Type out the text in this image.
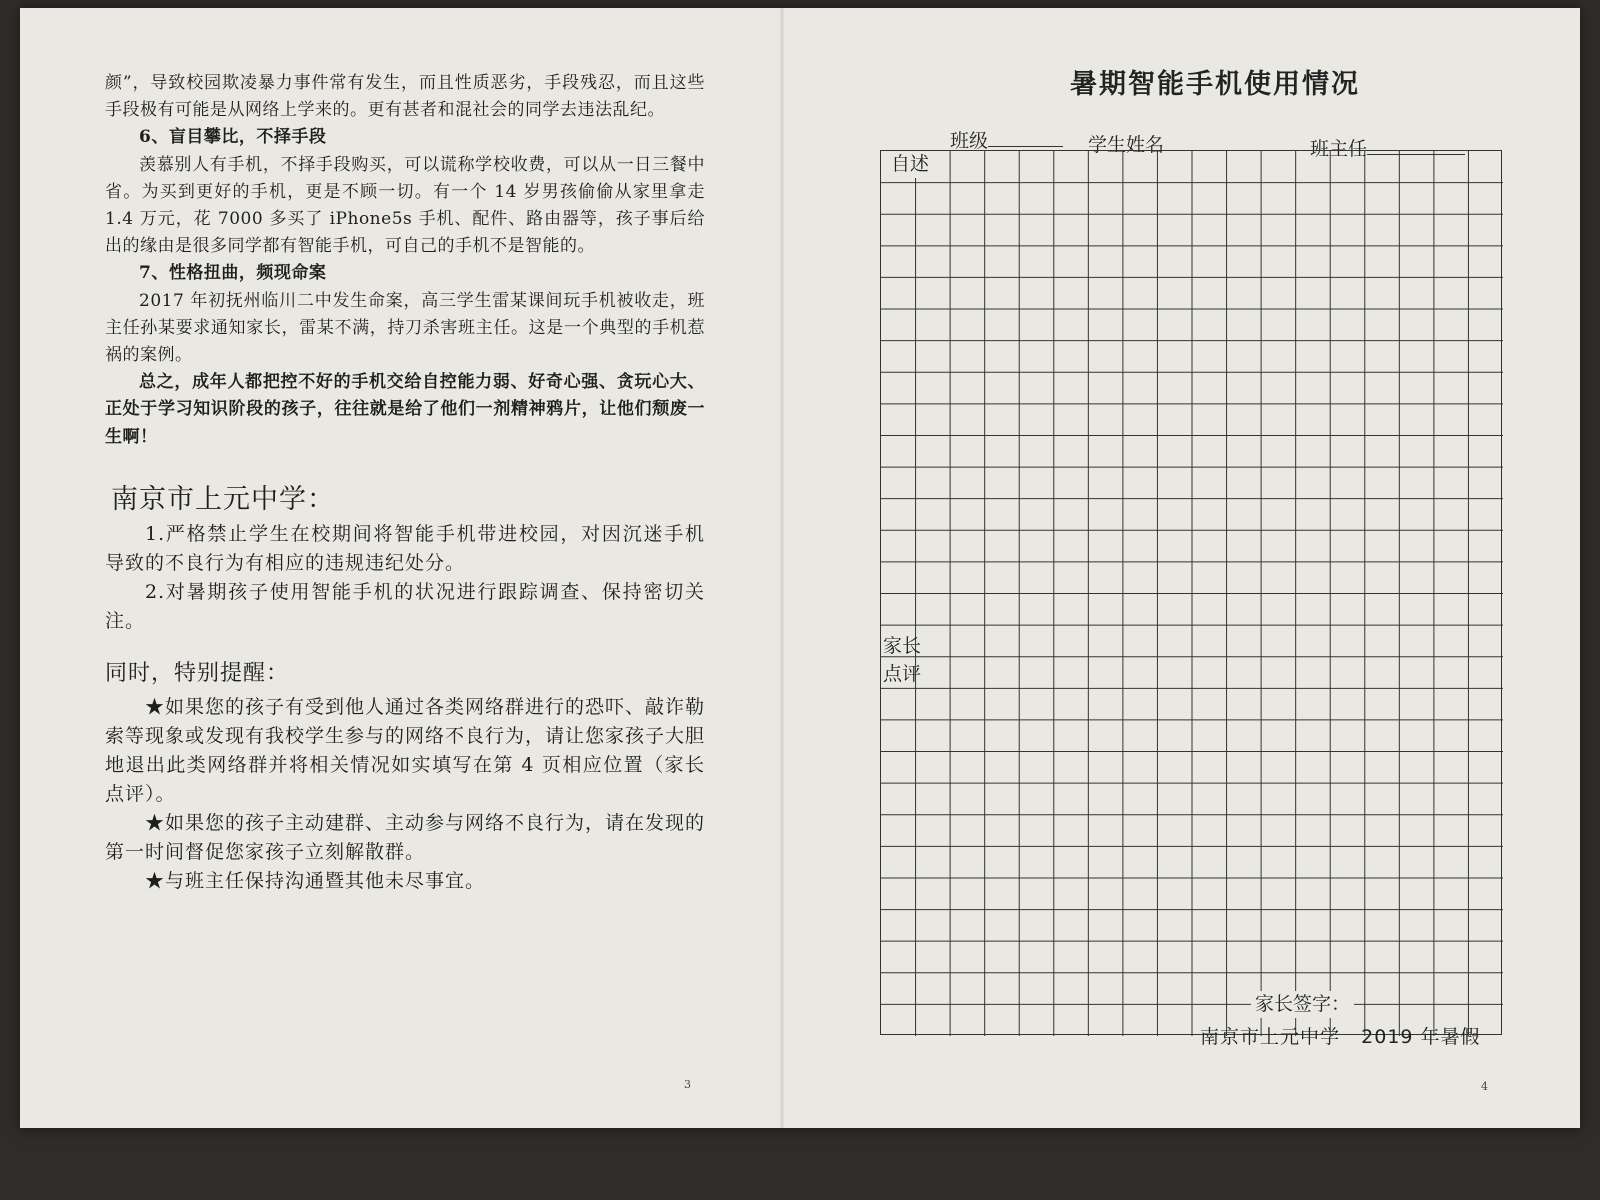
颜”，导致校园欺凌暴力事件常有发生，而且性质恶劣，手段残忍，而且这些手段极有可能是从网络上学来的。更有甚者和混社会的同学去违法乱纪。

6、盲目攀比，不择手段

羡慕别人有手机，不择手段购买，可以谎称学校收费，可以从一日三餐中省。为买到更好的手机，更是不顾一切。有一个 14 岁男孩偷偷从家里拿走 1.4 万元，花 7000 多买了 iPhone5s 手机、配件、路由器等，孩子事后给出的缘由是很多同学都有智能手机，可自己的手机不是智能的。

7、性格扭曲，频现命案

2017 年初抚州临川二中发生命案，高三学生雷某课间玩手机被收走，班主任孙某要求通知家长，雷某不满，持刀杀害班主任。这是一个典型的手机惹祸的案例。

总之，成年人都把控不好的手机交给自控能力弱、好奇心强、贪玩心大、正处于学习知识阶段的孩子，往往就是给了他们一剂精神鸦片，让他们颓废一生啊！

南京市上元中学：

1.严格禁止学生在校期间将智能手机带进校园，对因沉迷手机导致的不良行为有相应的违规违纪处分。

2.对暑期孩子使用智能手机的状况进行跟踪调查、保持密切关注。

同时，特别提醒：

★如果您的孩子有受到他人通过各类网络群进行的恐吓、敲诈勒索等现象或发现有我校学生参与的网络不良行为，请让您家孩子大胆地退出此类网络群并将相关情况如实填写在第 4 页相应位置（家长点评）。

★如果您的孩子主动建群、主动参与网络不良行为，请在发现的第一时间督促您家孩子立刻解散群。

★与班主任保持沟通暨其他未尽事宜。

3
暑期智能手机使用情况
班级	学生姓名	班主任
自述
家长
点评
家长签字：
南京市上元中学 2019 年暑假
4
